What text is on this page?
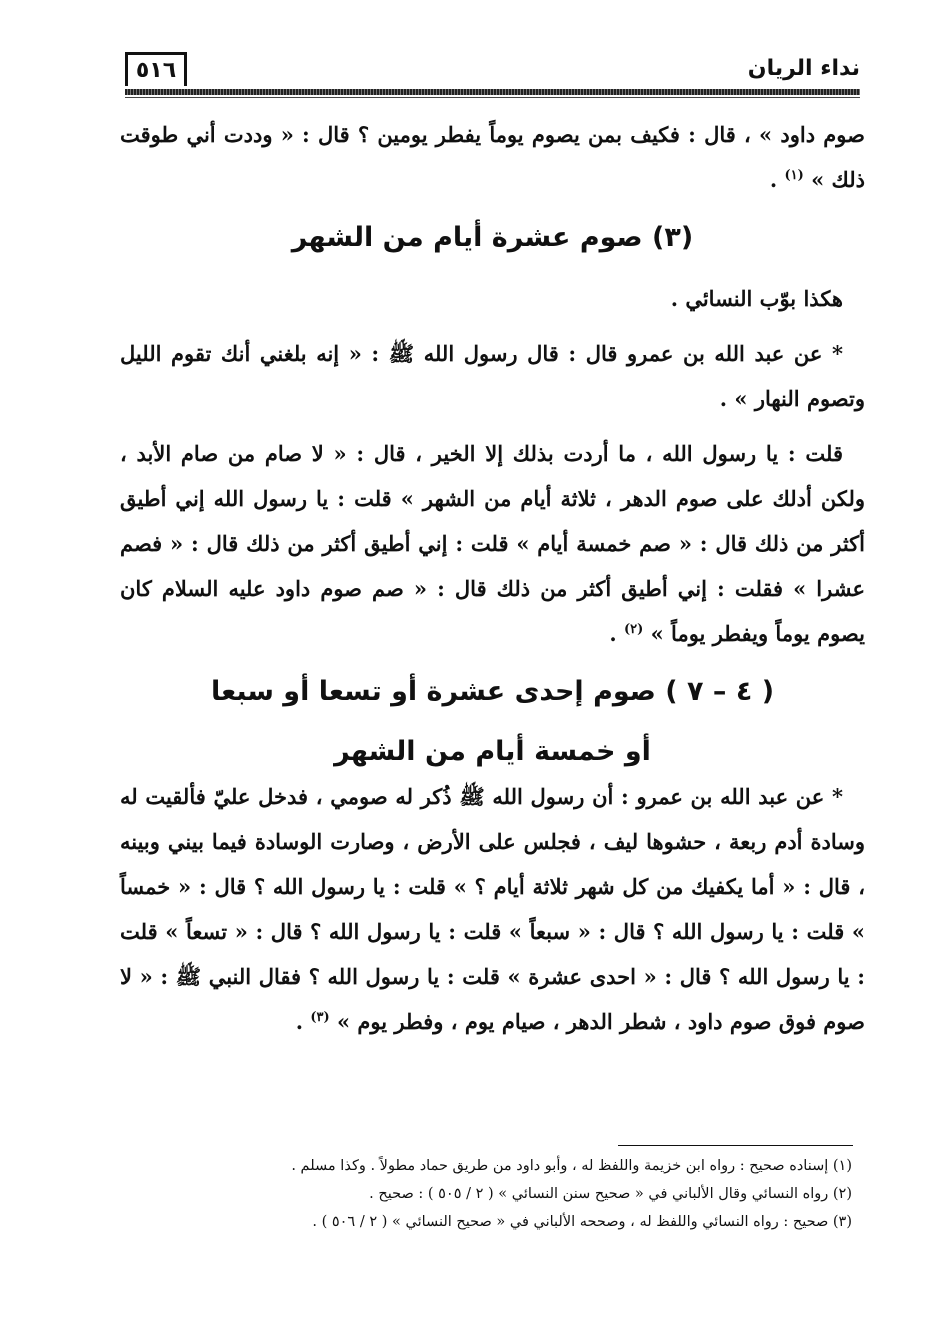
نداء الريان
٥١٦

صوم داود » ، قال : فكيف بمن يصوم يوماً يفطر يومين ؟ قال : « وددت أني طوقت ذلك » $^{(١)}$ .

(٣) صوم عشرة أيام من الشهر

هكذا بوّب النسائي .

* عن عبد الله بن عمرو قال : قال رسول الله ﷺ : « إنه بلغني أنك تقوم الليل وتصوم النهار » .

قلت : يا رسول الله ، ما أردت بذلك إلا الخير ، قال : « لا صام من صام الأبد ، ولكن أدلك على صوم الدهر ، ثلاثة أيام من الشهر » قلت : يا رسول الله إني أطيق أكثر من ذلك قال : « صم خمسة أيام » قلت : إني أطيق أكثر من ذلك قال : « فصم عشرا » فقلت : إني أطيق أكثر من ذلك قال : « صم صوم داود عليه السلام كان يصوم يوماً ويفطر يوماً » $^{(٢)}$ .

( ٤ – ٧ ) صوم إحدى عشرة أو تسعا أو سبعا
أو خمسة أيام من الشهر

* عن عبد الله بن عمرو : أن رسول الله ﷺ ذُكر له صومي ، فدخل عليّ فألقيت له وسادة أدم ربعة ، حشوها ليف ، فجلس على الأرض ، وصارت الوسادة فيما بيني وبينه ، قال : « أما يكفيك من كل شهر ثلاثة أيام ؟ » قلت : يا رسول الله ؟ قال : « خمساً » قلت : يا رسول الله ؟ قال : « سبعاً » قلت : يا رسول الله ؟ قال : « تسعاً » قلت : يا رسول الله ؟ قال : « احدى عشرة » قلت : يا رسول الله ؟ فقال النبي ﷺ : « لا صوم فوق صوم داود ، شطر الدهر ، صيام يوم ، وفطر يوم » $^{(٣)}$ .

(١) إسناده صحيح : رواه ابن خزيمة واللفظ له ، وأبو داود من طريق حماد مطولاً . وكذا مسلم .
(٢) رواه النسائي وقال الألباني في « صحيح سنن النسائي » ( ٢ / ٥٠٥ ) : صحيح .
(٣) صحيح : رواه النسائي واللفظ له ، وصححه الألباني في « صحيح النسائي » ( ٢ / ٥٠٦ ) .
